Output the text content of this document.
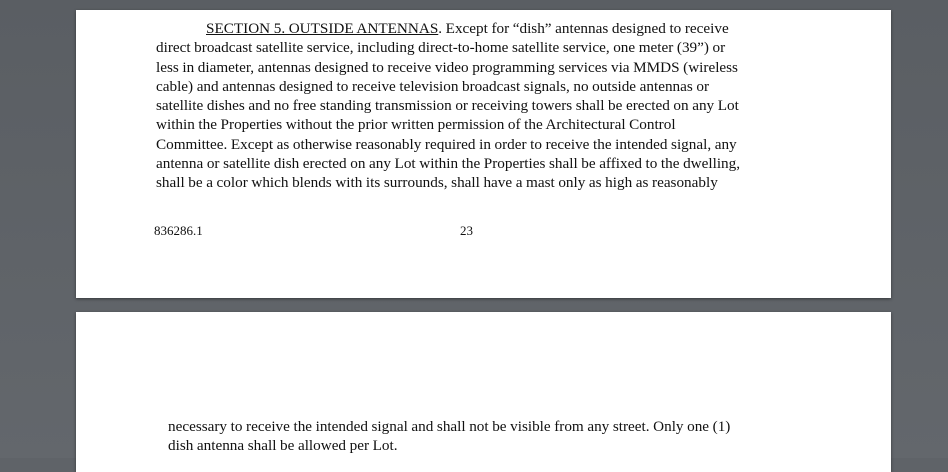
SECTION 5. OUTSIDE ANTENNAS. Except for “dish” antennas designed to receive
direct broadcast satellite service, including direct-to-home satellite service, one meter (39”) or
less in diameter, antennas designed to receive video programming services via MMDS (wireless
cable) and antennas designed to receive television broadcast signals, no outside antennas or
satellite dishes and no free standing transmission or receiving towers shall be erected on any Lot
within the Properties without the prior written permission of the Architectural Control
Committee. Except as otherwise reasonably required in order to receive the intended signal, any
antenna or satellite dish erected on any Lot within the Properties shall be affixed to the dwelling,
shall be a color which blends with its surrounds, shall have a mast only as high as reasonably
836286.1	23
necessary to receive the intended signal and shall not be visible from any street. Only one (1)
dish antenna shall be allowed per Lot.
